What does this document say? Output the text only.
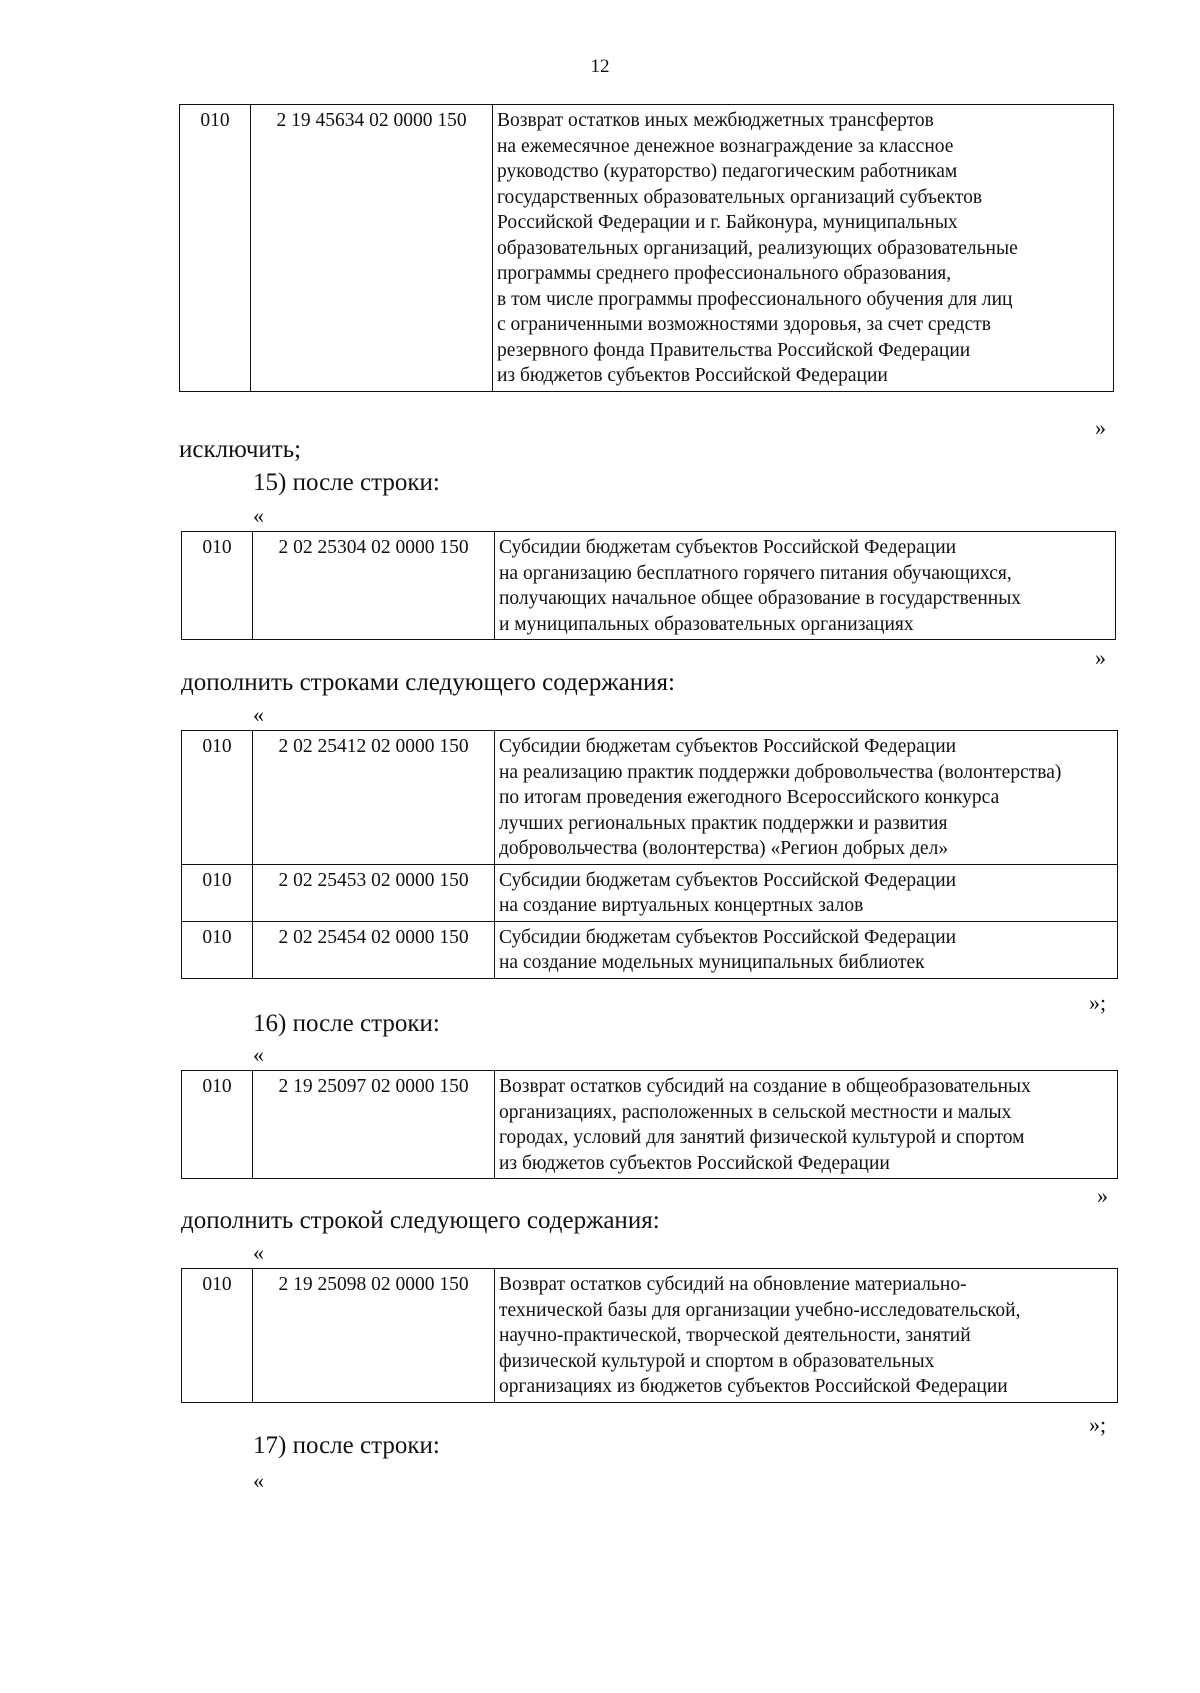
12
010	2 19 45634 02 0000 150	Возврат остатков иных межбюджетных трансфертов
на ежемесячное денежное вознаграждение за классное
руководство (кураторство) педагогическим работникам
государственных образовательных организаций субъектов
Российской Федерации и г. Байконура, муниципальных
образовательных организаций, реализующих образовательные
программы среднего профессионального образования,
в том числе программы профессионального обучения для лиц
с ограниченными возможностями здоровья, за счет средств
резервного фонда Правительства Российской Федерации
из бюджетов субъектов Российской Федерации
»
исключить;
15) после строки:
«
010	2 02 25304 02 0000 150	Субсидии бюджетам субъектов Российской Федерации
на организацию бесплатного горячего питания обучающихся,
получающих начальное общее образование в государственных
и муниципальных образовательных организациях
»
дополнить строками следующего содержания:
«
010	2 02 25412 02 0000 150	Субсидии бюджетам субъектов Российской Федерации
на реализацию практик поддержки добровольчества (волонтерства)
по итогам проведения ежегодного Всероссийского конкурса
лучших региональных практик поддержки и развития
добровольчества (волонтерства) «Регион добрых дел»

010	2 02 25453 02 0000 150	Субсидии бюджетам субъектов Российской Федерации
на создание виртуальных концертных залов

010	2 02 25454 02 0000 150	Субсидии бюджетам субъектов Российской Федерации
на создание модельных муниципальных библиотек
»;
16) после строки:
«
010	2 19 25097 02 0000 150	Возврат остатков субсидий на создание в общеобразовательных
организациях, расположенных в сельской местности и малых
городах, условий для занятий физической культурой и спортом
из бюджетов субъектов Российской Федерации
»
дополнить строкой следующего содержания:
«
010	2 19 25098 02 0000 150	Возврат остатков субсидий на обновление материально-
технической базы для организации учебно-исследовательской,
научно-практической, творческой деятельности, занятий
физической культурой и спортом в образовательных
организациях из бюджетов субъектов Российской Федерации
»;
17) после строки:
«
